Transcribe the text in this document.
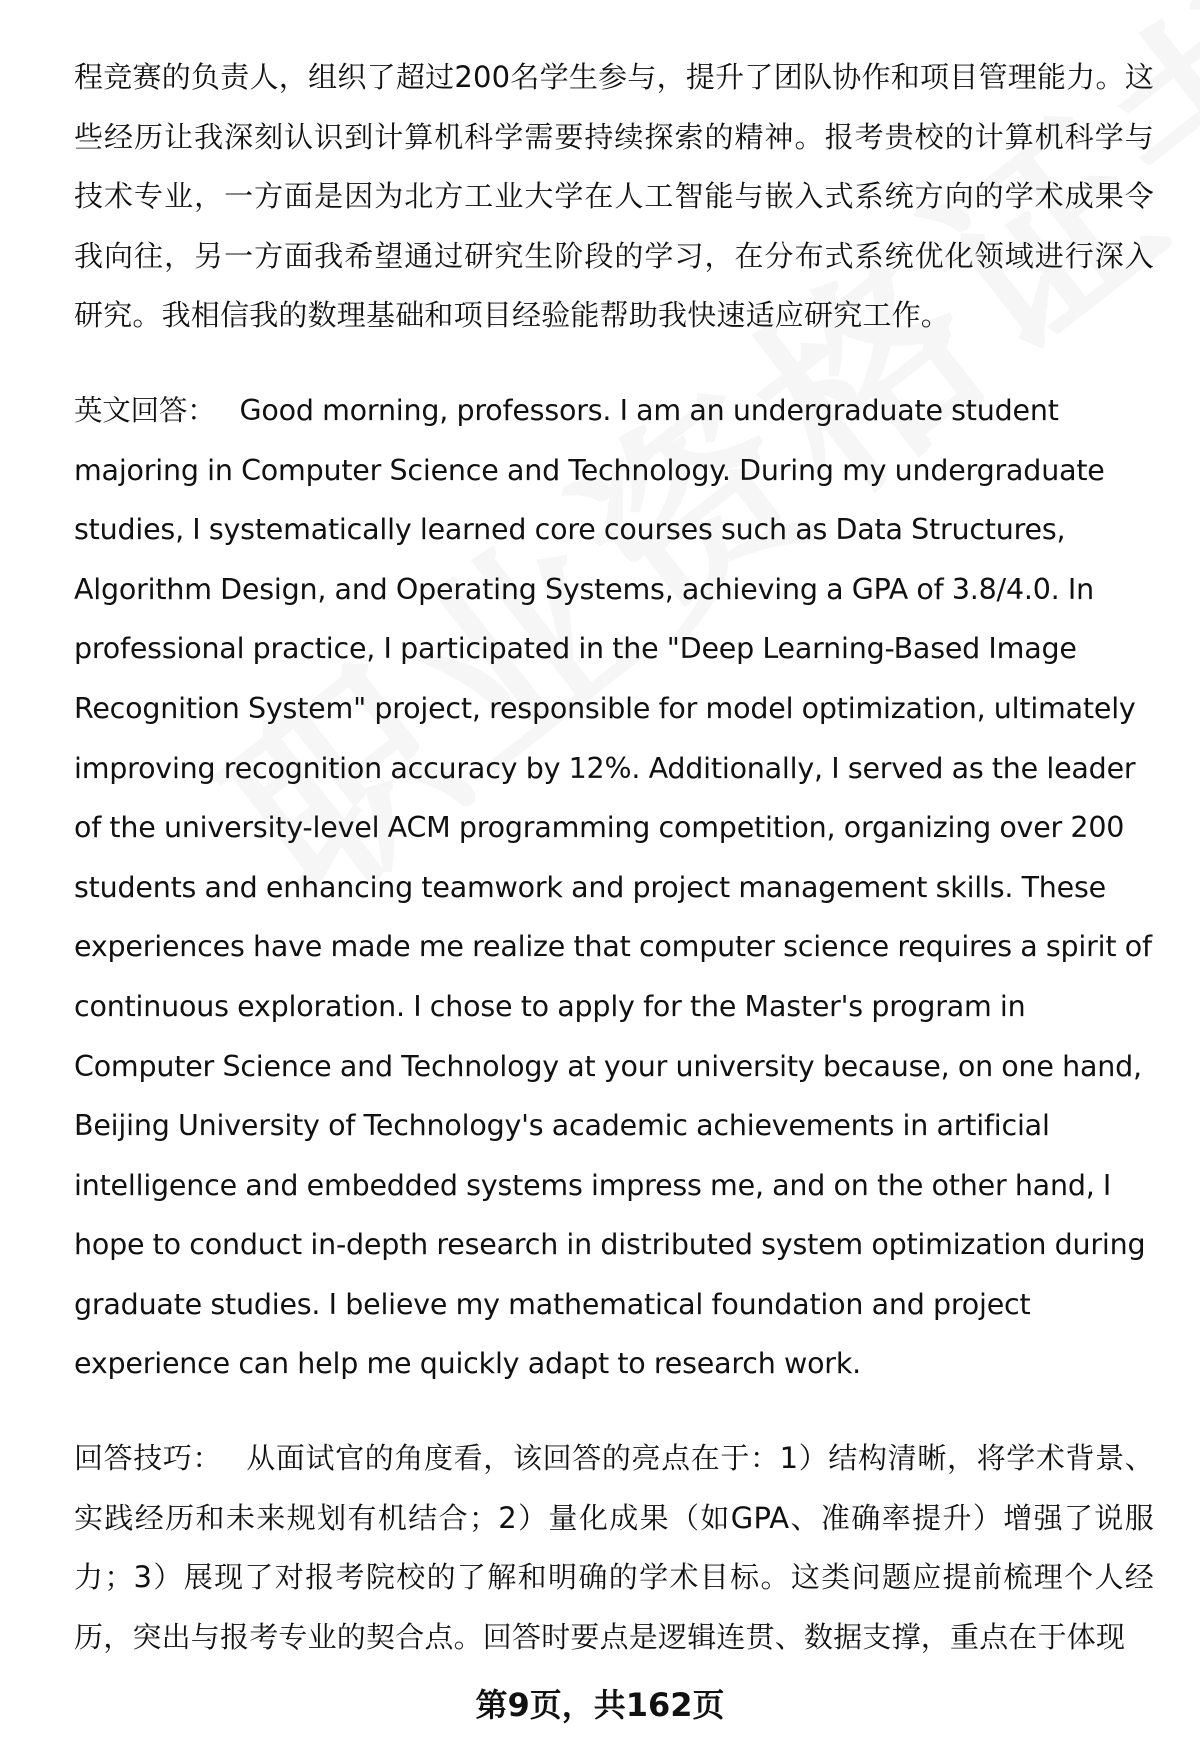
程竞赛的负责人，组织了超过200名学生参与，提升了团队协作和项目管理能力。这些经历让我深刻认识到计算机科学需要持续探索的精神。报考贵校的计算机科学与技术专业，一方面是因为北方工业大学在人工智能与嵌入式系统方向的学术成果令我向往，另一方面我希望通过研究生阶段的学习，在分布式系统优化领域进行深入研究。我相信我的数理基础和项目经验能帮助我快速适应研究工作。

英文回答： Good morning, professors. I am an undergraduate student majoring in Computer Science and Technology. During my undergraduate studies, I systematically learned core courses such as Data Structures, Algorithm Design, and Operating Systems, achieving a GPA of 3.8/4.0. In professional practice, I participated in the "Deep Learning-Based Image Recognition System" project, responsible for model optimization, ultimately improving recognition accuracy by 12%. Additionally, I served as the leader of the university-level ACM programming competition, organizing over 200 students and enhancing teamwork and project management skills. These experiences have made me realize that computer science requires a spirit of continuous exploration. I chose to apply for the Master's program in Computer Science and Technology at your university because, on one hand, Beijing University of Technology's academic achievements in artificial intelligence and embedded systems impress me, and on the other hand, I hope to conduct in-depth research in distributed system optimization during graduate studies. I believe my mathematical foundation and project experience can help me quickly adapt to research work.

回答技巧： 从面试官的角度看，该回答的亮点在于：1）结构清晰，将学术背景、实践经历和未来规划有机结合；2）量化成果（如GPA、准确率提升）增强了说服力；3）展现了对报考院校的了解和明确的学术目标。这类问题应提前梳理个人经历，突出与报考专业的契合点。回答时要点是逻辑连贯、数据支撑，重点在于体现

第9页，共162页
